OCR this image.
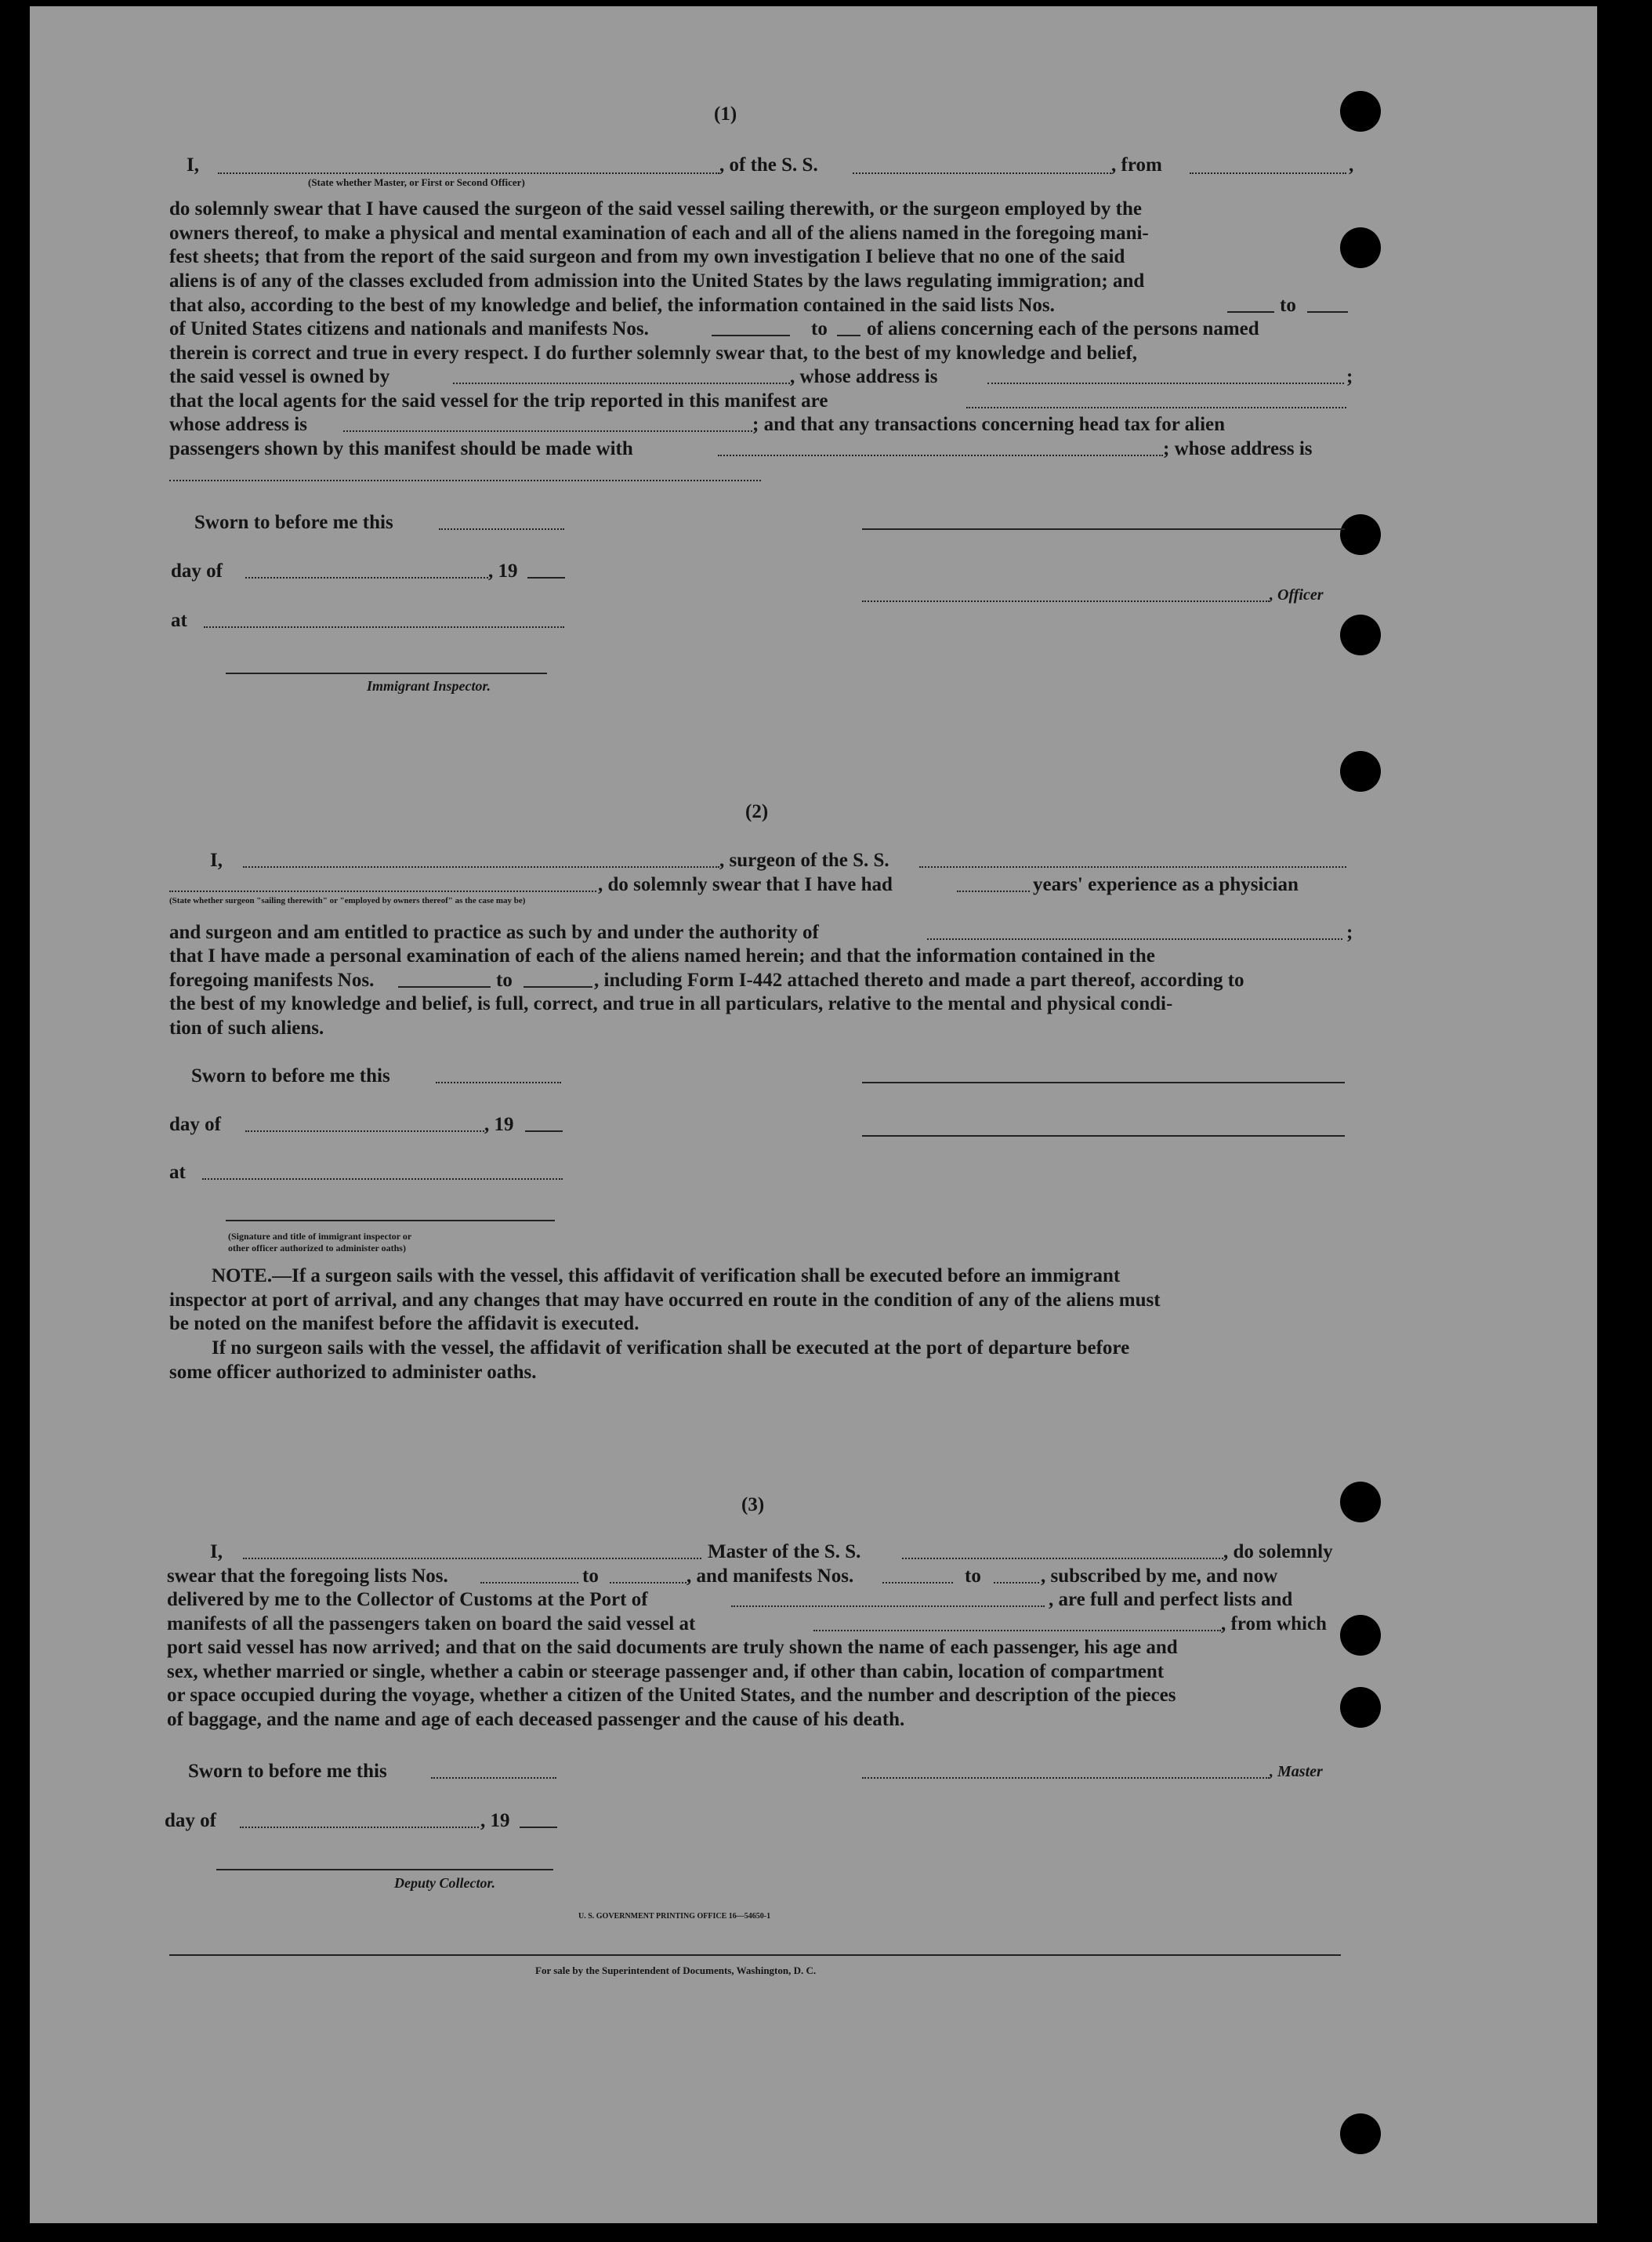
(1)
I,	, of the S. S.	, from	,
(State whether Master, or First or Second Officer)
do solemnly swear that I have caused the surgeon of the said vessel sailing therewith, or the surgeon employed by the
owners thereof, to make a physical and mental examination of each and all of the aliens named in the foregoing mani-
fest sheets; that from the report of the said surgeon and from my own investigation I believe that no one of the said
aliens is of any of the classes excluded from admission into the United States by the laws regulating immigration; and
that also, according to the best of my knowledge and belief, the information contained in the said lists Nos.	to
of United States citizens and nationals and manifests Nos.	to of aliens concerning each of the persons named
therein is correct and true in every respect. I do further solemnly swear that, to the best of my knowledge and belief,
the said vessel is owned by	, whose address is	;
that the local agents for the said vessel for the trip reported in this manifest are
whose address is	; and that any transactions concerning head tax for alien
passengers shown by this manifest should be made with	; whose address is
Sworn to before me this
day of	, 19
, Officer
at
Immigrant Inspector.
(2)
I,	, surgeon of the S. S.
, do solemnly swear that I have had	years' experience as a physician
(State whether surgeon "sailing therewith" or "employed by owners thereof" as the case may be)
and surgeon and am entitled to practice as such by and under the authority of	;
that I have made a personal examination of each of the aliens named herein; and that the information contained in the
foregoing manifests Nos.	to	, including Form I-442 attached thereto and made a part thereof, according to
the best of my knowledge and belief, is full, correct, and true in all particulars, relative to the mental and physical condi-
tion of such aliens.
Sworn to before me this
day of	, 19
at
(Signature and title of immigrant inspector or
other officer authorized to administer oaths)
NOTE.—If a surgeon sails with the vessel, this affidavit of verification shall be executed before an immigrant
inspector at port of arrival, and any changes that may have occurred en route in the condition of any of the aliens must
be noted on the manifest before the affidavit is executed.
If no surgeon sails with the vessel, the affidavit of verification shall be executed at the port of departure before
some officer authorized to administer oaths.
(3)
I,	Master of the S. S.	, do solemnly
swear that the foregoing lists Nos.	to	, and manifests Nos.	to	, subscribed by me, and now
delivered by me to the Collector of Customs at the Port of	, are full and perfect lists and
manifests of all the passengers taken on board the said vessel at	, from which
port said vessel has now arrived; and that on the said documents are truly shown the name of each passenger, his age and
sex, whether married or single, whether a cabin or steerage passenger and, if other than cabin, location of compartment
or space occupied during the voyage, whether a citizen of the United States, and the number and description of the pieces
of baggage, and the name and age of each deceased passenger and the cause of his death.
Sworn to before me this	, Master
day of	, 19
Deputy Collector.
U. S. GOVERNMENT PRINTING OFFICE 16—54650-1
For sale by the Superintendent of Documents, Washington, D. C.
